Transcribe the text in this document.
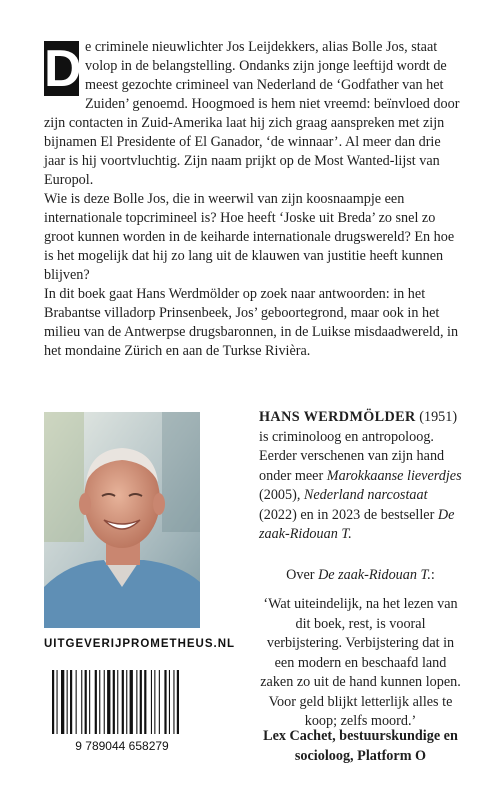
D e criminele nieuwlichter Jos Leijdekkers, alias Bolle Jos, staat volop in de belangstelling. Ondanks zijn jonge leeftijd wordt de meest gezochte crimineel van Nederland de ‘Godfather van het Zuiden’ genoemd. Hoogmoed is hem niet vreemd: beïnvloed door zijn contacten in Zuid-Amerika laat hij zich graag aanspreken met zijn bijnamen El Presidente of El Ganador, ‘de winnaar’. Al meer dan drie jaar is hij voortvluchtig. Zijn naam prijkt op de Most Wanted-lijst van Europol.

Wie is deze Bolle Jos, die in weerwil van zijn koosnaampje een internationale topcrimineel is? Hoe heeft ‘Joske uit Breda’ zo snel zo groot kunnen worden in de keiharde internationale drugswereld? En hoe is het mogelijk dat hij zo lang uit de klauwen van justitie heeft kunnen blijven?

In dit boek gaat Hans Werdmölder op zoek naar antwoorden: in het Brabantse villadorp Prinsenbeek, Jos’ geboortegrond, maar ook in het milieu van de Antwerpse drugsbaronnen, in de Luikse misdaadwereld, in het mondaine Zürich en aan de Turkse Rivièra.

HANS WERDMÖLDER (1951) is criminoloog en antropoloog. Eerder verschenen van zijn hand onder meer Marokkaanse lieverdjes (2005), Nederland narcostaat (2022) en in 2023 de bestseller De zaak-Ridouan T.
Over De zaak-Ridouan T.:
‘Wat uiteindelijk, na het lezen van dit boek, rest, is vooral verbijstering. Verbijstering dat in een modern en beschaafd land zaken zo uit de hand kunnen lopen. Voor geld blijkt letterlijk alles te koop; zelfs moord.’
Lex Cachet, bestuurskundige en socioloog, Platform O
UITGEVERIJPROMETHEUS.NL
9 789044 658279
